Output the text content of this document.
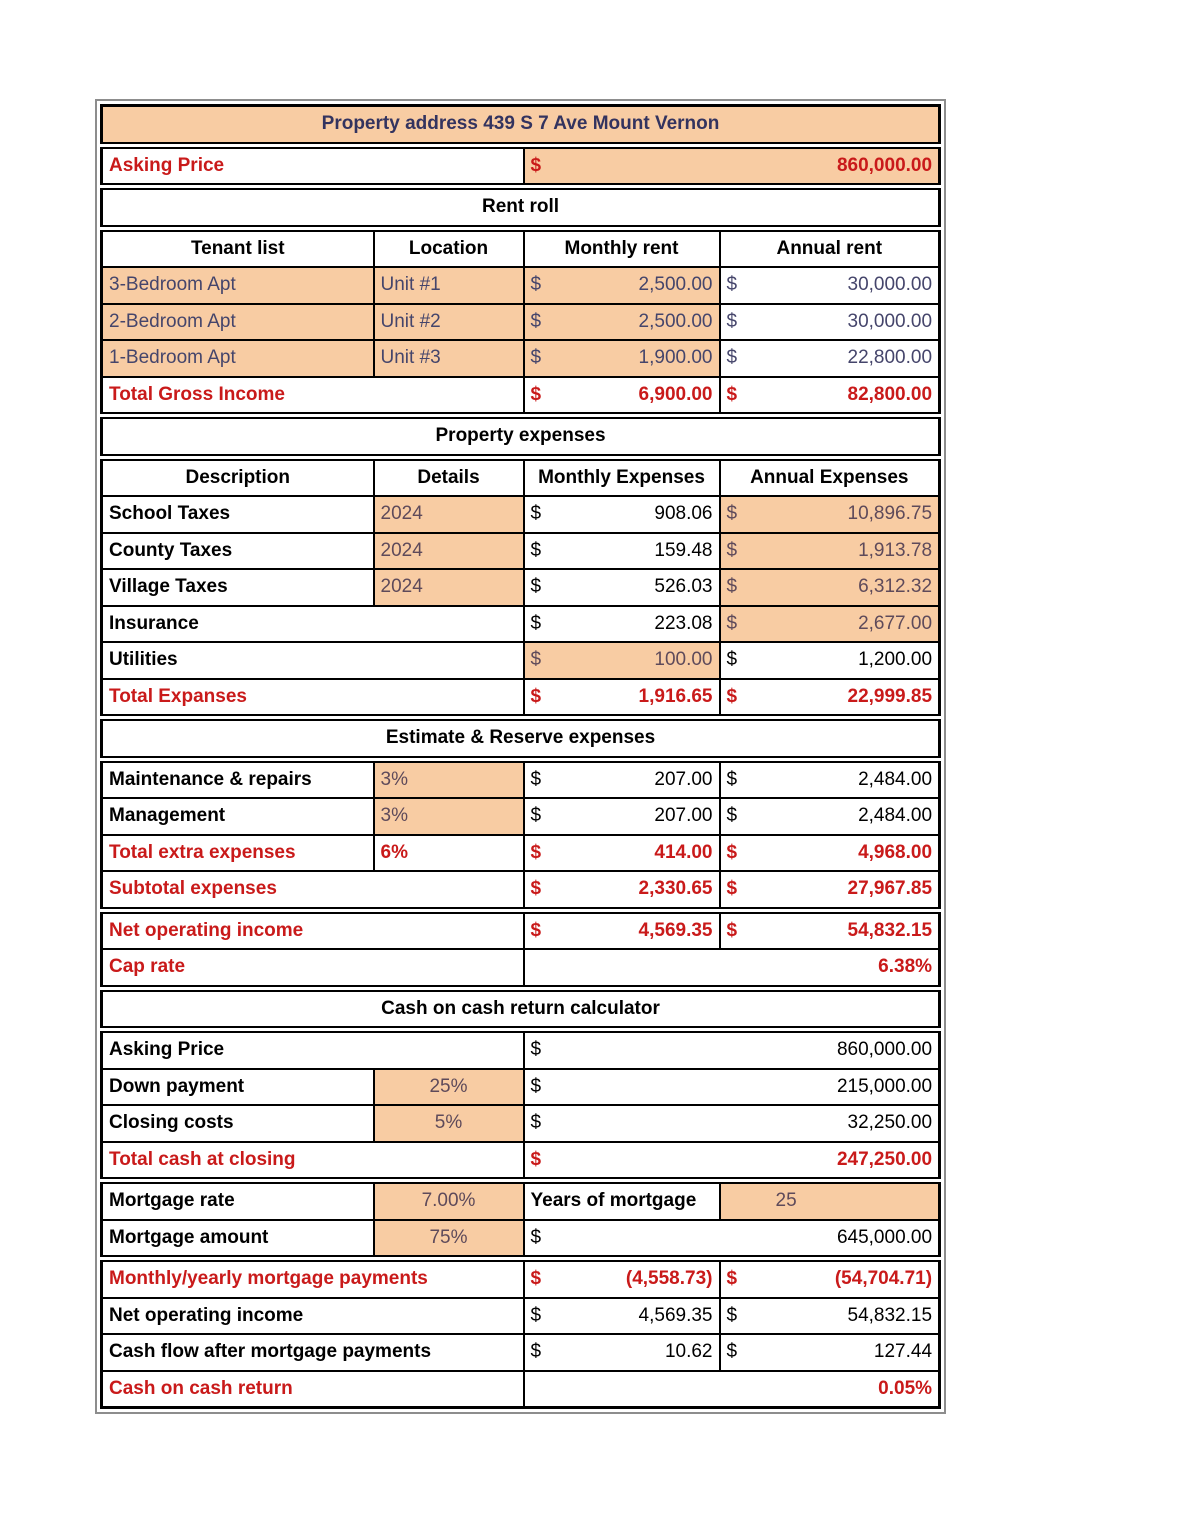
Property address 439 S 7 Ave Mount Vernon			
Asking Price		$ 860,000.00	

Rent roll			
Tenant list	Location	Monthly rent	Annual rent
3-Bedroom Apt	Unit #1	$ 2,500.00	$ 30,000.00

2-Bedroom Apt	Unit #2	$ 2,500.00	$ 30,000.00

1-Bedroom Apt	Unit #3	$ 1,900.00	$ 22,800.00

Total Gross Income		$ 6,900.00	$ 82,800.00

Property expenses			
Description	Details	Monthly Expenses	Annual Expenses
School Taxes	2024	$ 908.06	$ 10,896.75

County Taxes	2024	$ 159.48	$ 1,913.78

Village Taxes	2024	$ 526.03	$ 6,312.32

Insurance		$ 223.08	$ 2,677.00

Utilities		$ 100.00	$ 1,200.00

Total Expanses		$ 1,916.65	$ 22,999.85

Estimate & Reserve expenses			
Maintenance & repairs	3%	$ 207.00	$ 2,484.00

Management	3%	$ 207.00	$ 2,484.00

Total extra expenses	6%	$ 414.00	$ 4,968.00

Subtotal expenses		$ 2,330.65	$ 27,967.85

Net operating income		$ 4,569.35	$ 54,832.15

Cap rate		6.38%	
Cash on cash return calculator			
Asking Price		$ 860,000.00	

Down payment	25%	$ 215,000.00	

Closing costs	5%	$ 32,250.00	

Total cash at closing		$ 247,250.00	

Mortgage rate	7.00%	Years of mortgage	25
Mortgage amount	75%	$ 645,000.00	

Monthly/yearly mortgage payments		$ (4,558.73)	$ (54,704.71)

Net operating income		$ 4,569.35	$ 54,832.15

Cash flow after mortgage payments		$ 10.62	$ 127.44

Cash on cash return		0.05%	
